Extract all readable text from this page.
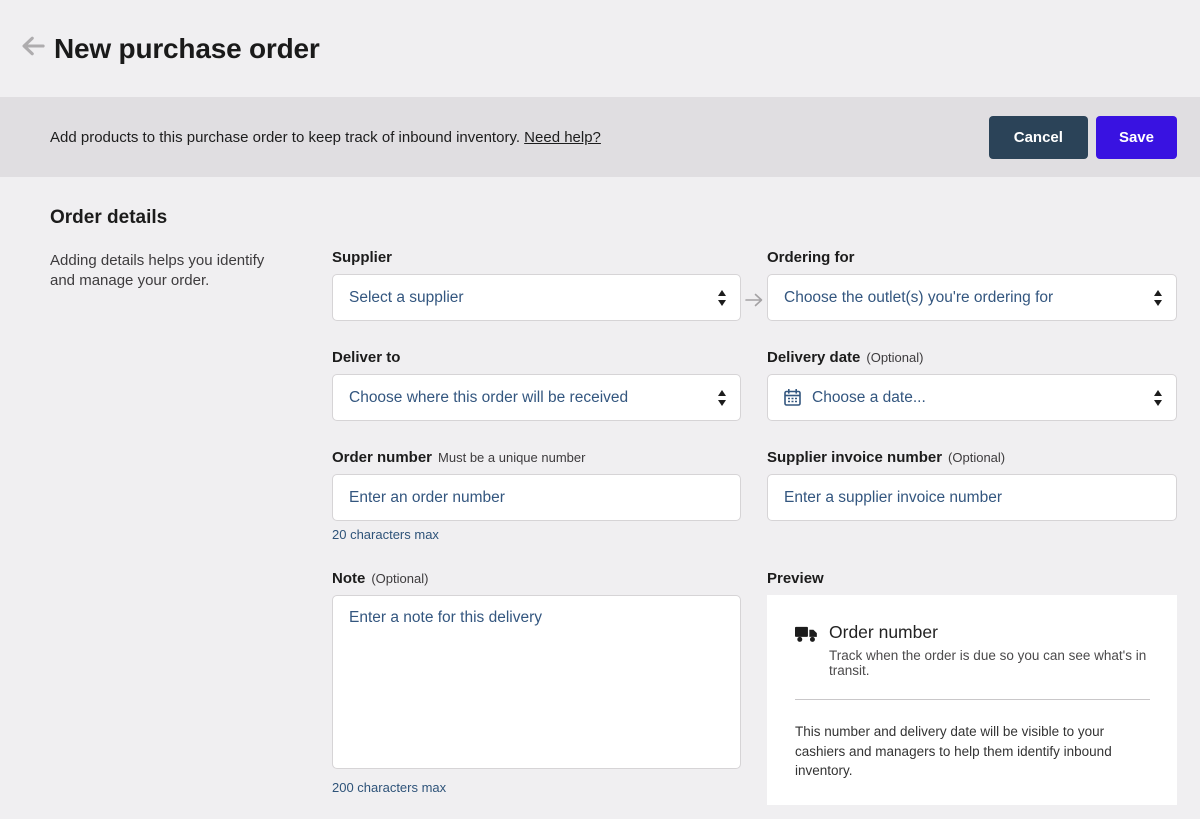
New purchase order
Add products to this purchase order to keep track of inbound inventory. Need help?	Cancel	Save
Order details
Adding details helps you identify and manage your order.
Supplier
Select a supplier
Ordering for
Choose the outlet(s) you're ordering for
Deliver to
Choose where this order will be received
Delivery date (Optional)
Choose a date...
Order number Must be a unique number
Enter an order number
20 characters max
Supplier invoice number (Optional)
Enter a supplier invoice number
Note (Optional)
Enter a note for this delivery
200 characters max
Preview
Order number
Track when the order is due so you can see what's in transit.
This number and delivery date will be visible to your cashiers and managers to help them identify inbound inventory.
